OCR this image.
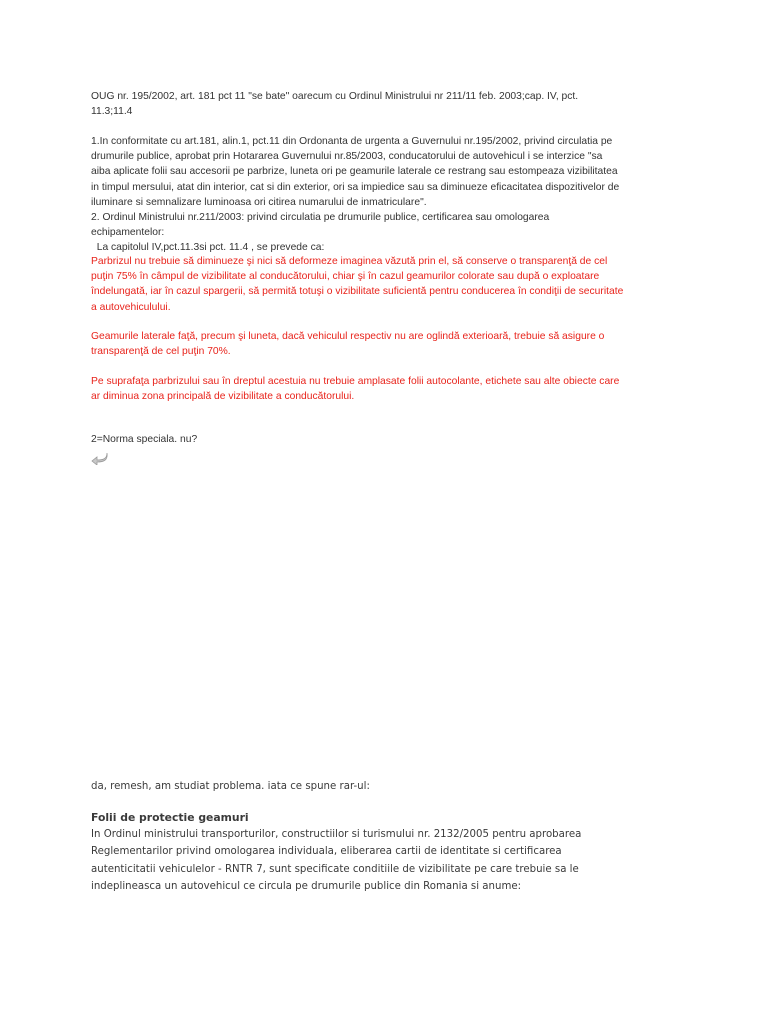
OUG nr. 195/2002, art. 181 pct 11 "se bate" oarecum cu Ordinul Ministrului nr 211/11 feb. 2003;cap. IV, pct.
11.3;11.4
1.In conformitate cu art.181, alin.1, pct.11 din Ordonanta de urgenta a Guvernului nr.195/2002, privind circulatia pe
drumurile publice, aprobat prin Hotararea Guvernului nr.85/2003, conducatorului de autovehicul i se interzice "sa
aiba aplicate folii sau accesorii pe parbrize, luneta ori pe geamurile laterale ce restrang sau estompeaza vizibilitatea
in timpul mersului, atat din interior, cat si din exterior, ori sa impiedice sau sa diminueze eficacitatea dispozitivelor de
iluminare si semnalizare luminoasa ori citirea numarului de inmatriculare".
2. Ordinul Ministrului nr.211/2003: privind circulatia pe drumurile publice, certificarea sau omologarea
echipamentelor:
La capitolul IV,pct.11.3si pct. 11.4 , se prevede ca:
Parbrizul nu trebuie să diminueze şi nici să deformeze imaginea văzută prin el, să conserve o transparenţă de cel
puţin 75% în câmpul de vizibilitate al conducătorului, chiar şi în cazul geamurilor colorate sau după o exploatare
îndelungată, iar în cazul spargerii, să permită totuşi o vizibilitate suficientă pentru conducerea în condiţii de securitate
a autovehiculului.
Geamurile laterale faţă, precum şi luneta, dacă vehiculul respectiv nu are oglindă exterioară, trebuie să asigure o
transparenţă de cel puţin 70%.
Pe suprafaţa parbrizului sau în dreptul acestuia nu trebuie amplasate folii autocolante, etichete sau alte obiecte care
ar diminua zona principală de vizibilitate a conducătorului.
2=Norma speciala. nu?
da, remesh, am studiat problema. iata ce spune rar-ul:
Folii de protectie geamuri
In Ordinul ministrului transporturilor, constructiilor si turismului nr. 2132/2005 pentru aprobarea
Reglementarilor privind omologarea individuala, eliberarea cartii de identitate si certificarea
autenticitatii vehiculelor - RNTR 7, sunt specificate conditiile de vizibilitate pe care trebuie sa le
indeplineasca un autovehicul ce circula pe drumurile publice din Romania si anume:
